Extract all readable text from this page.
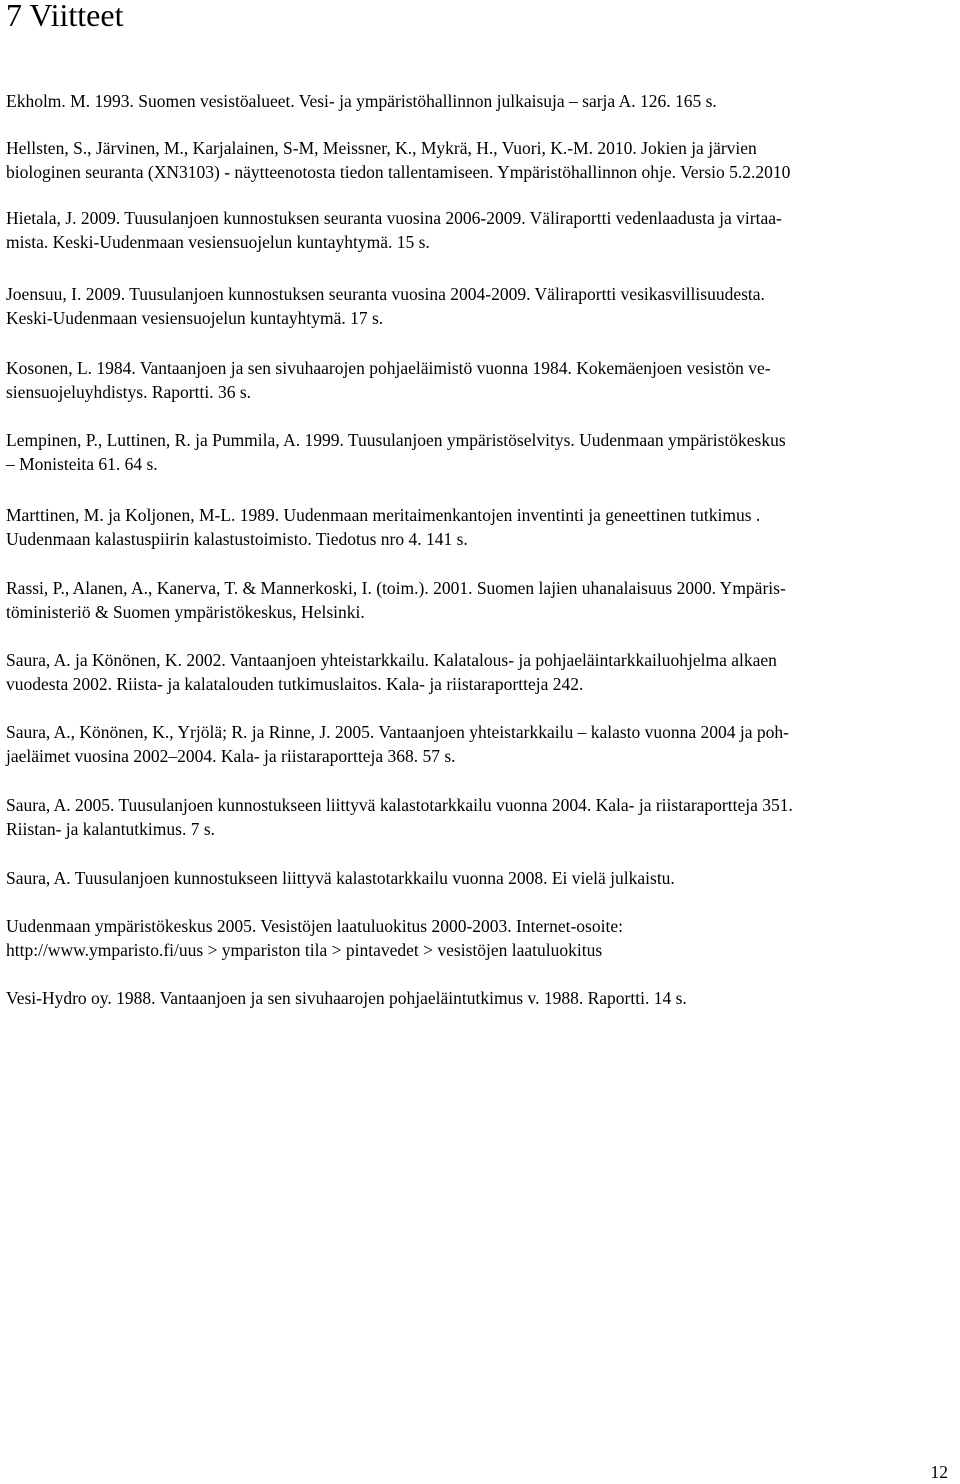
7 Viitteet
Ekholm. M. 1993. Suomen vesistöalueet. Vesi- ja ympäristöhallinnon julkaisuja – sarja A. 126. 165 s.
Hellsten, S., Järvinen, M., Karjalainen, S-M, Meissner, K., Mykrä, H., Vuori, K.-M. 2010. Jokien ja järvien
biologinen seuranta (XN3103) - näytteenotosta tiedon tallentamiseen. Ympäristöhallinnon ohje. Versio 5.2.2010
Hietala, J. 2009. Tuusulanjoen kunnostuksen seuranta vuosina 2006-2009. Väliraportti vedenlaadusta ja virtaa-
mista. Keski-Uudenmaan vesiensuojelun kuntayhtymä. 15 s.
Joensuu, I. 2009. Tuusulanjoen kunnostuksen seuranta vuosina 2004-2009. Väliraportti vesikasvillisuudesta.
Keski-Uudenmaan vesiensuojelun kuntayhtymä. 17 s.
Kosonen, L. 1984. Vantaanjoen ja sen sivuhaarojen pohjaeläimistö vuonna 1984. Kokemäenjoen vesistön ve-
siensuojeluyhdistys. Raportti. 36 s.
Lempinen, P., Luttinen, R. ja Pummila, A. 1999. Tuusulanjoen ympäristöselvitys. Uudenmaan ympäristökeskus
– Monisteita 61. 64 s.
Marttinen, M. ja Koljonen, M-L. 1989. Uudenmaan meritaimenkantojen inventinti ja geneettinen tutkimus .
Uudenmaan kalastuspiirin kalastustoimisto. Tiedotus nro 4. 141 s.
Rassi, P., Alanen, A., Kanerva, T. & Mannerkoski, I. (toim.). 2001. Suomen lajien uhanalaisuus 2000. Ympäris-
töministeriö & Suomen ympäristökeskus, Helsinki.
Saura, A. ja Könönen, K. 2002. Vantaanjoen yhteistarkkailu. Kalatalous- ja pohjaeläintarkkailuohjelma alkaen
vuodesta 2002. Riista- ja kalatalouden tutkimuslaitos. Kala- ja riistaraportteja 242.
Saura, A., Könönen, K., Yrjölä; R. ja Rinne, J. 2005. Vantaanjoen yhteistarkkailu – kalasto vuonna 2004 ja poh-
jaeläimet vuosina 2002–2004. Kala- ja riistaraportteja 368. 57 s.
Saura, A. 2005. Tuusulanjoen kunnostukseen liittyvä kalastotarkkailu vuonna 2004. Kala- ja riistaraportteja 351.
Riistan- ja kalantutkimus. 7 s.
Saura, A. Tuusulanjoen kunnostukseen liittyvä kalastotarkkailu vuonna 2008. Ei vielä julkaistu.
Uudenmaan ympäristökeskus 2005. Vesistöjen laatuluokitus 2000-2003. Internet-osoite:
http://www.ymparisto.fi/uus > ympariston tila > pintavedet > vesistöjen laatuluokitus
Vesi-Hydro oy. 1988. Vantaanjoen ja sen sivuhaarojen pohjaeläintutkimus v. 1988. Raportti. 14 s.
12
